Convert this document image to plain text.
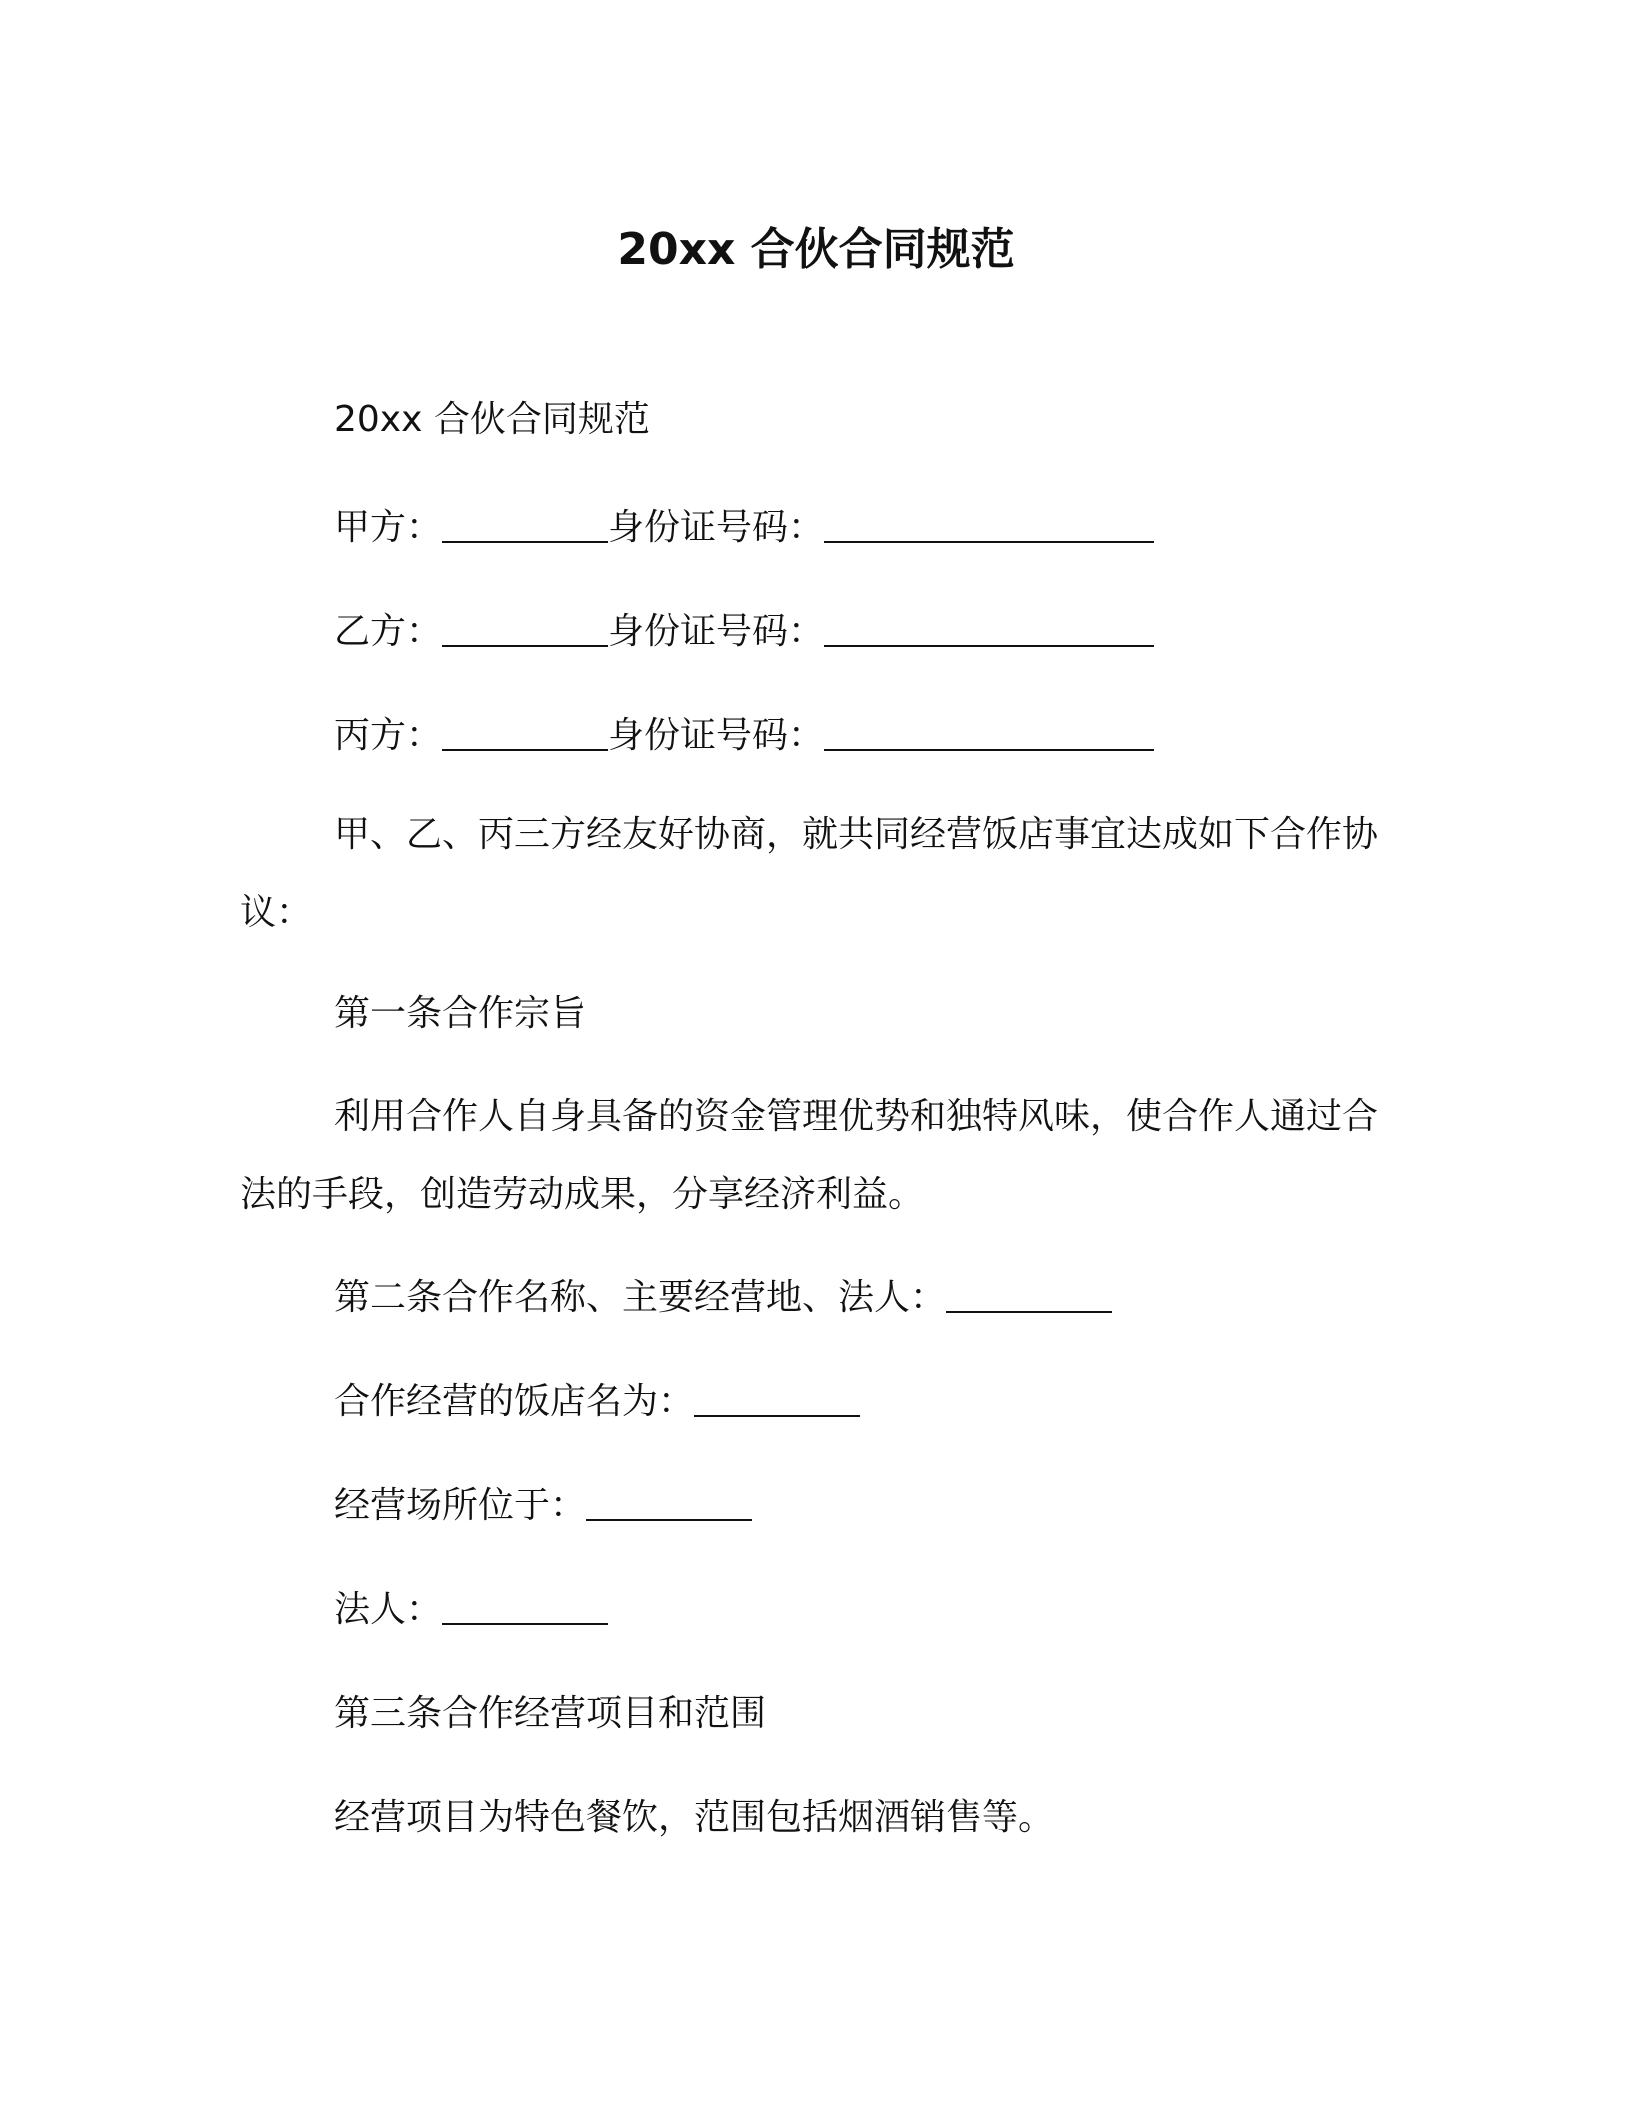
20xx 合伙合同规范
20xx 合伙合同规范
甲方：	身份证号码：
乙方：	身份证号码：
丙方：	身份证号码：
甲、乙、丙三方经友好协商，就共同经营饭店事宜达成如下合作协议：
第一条合作宗旨
利用合作人自身具备的资金管理优势和独特风味，使合作人通过合法的手段，创造劳动成果，分享经济利益。
第二条合作名称、主要经营地、法人：
合作经营的饭店名为：
经营场所位于：
法人：
第三条合作经营项目和范围
经营项目为特色餐饮，范围包括烟酒销售等。
